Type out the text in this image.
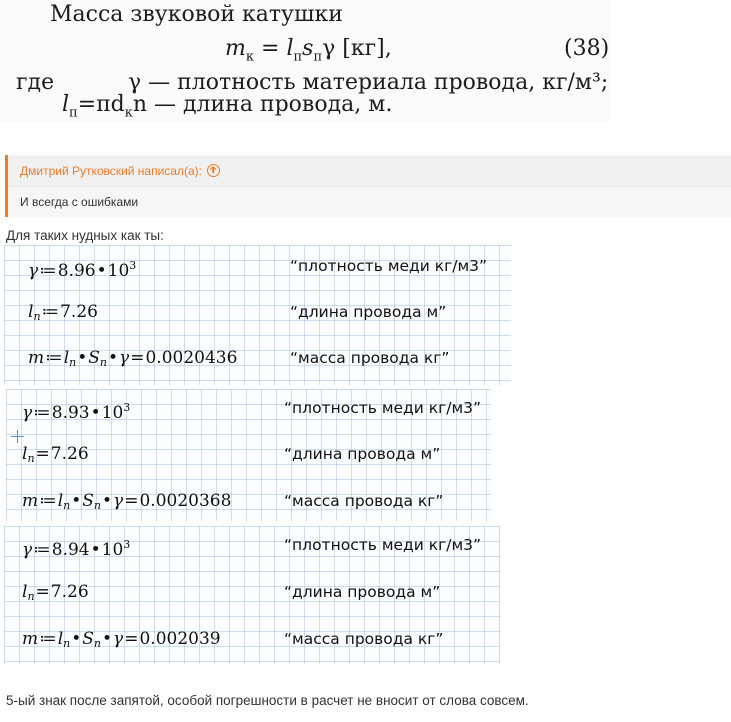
Масса звуковой катушки
$m_к = l_пs_п\gamma$ [кг],	(38)
где	γ — плотность материала провода, кг/м³;
$l_п=\pi d_кn$ — длина провода, м.
Дмитрий Рутковский написал(а):
И всегда с ошибками
Для таких нудных как ты:
$\gamma≔8.96•10^3$	“плотность меди кг/м3”
$l_n≔7.26$	“длина провода м”
$m≔l_n•S_n•\gamma=0.0020436$	“масса провода кг”
$\gamma≔8.93•10^3$	“плотность меди кг/м3”
$l_n=7.26$	“длина провода м”
$m≔l_n•S_n•\gamma=0.0020368$	“масса провода кг”
$\gamma≔8.94•10^3$	“плотность меди кг/м3”
$l_n=7.26$	“длина провода м”
$m≔l_n•S_n•\gamma=0.002039$	“масса провода кг”
5-ый знак после запятой, особой погрешности в расчет не вносит от слова совсем.
